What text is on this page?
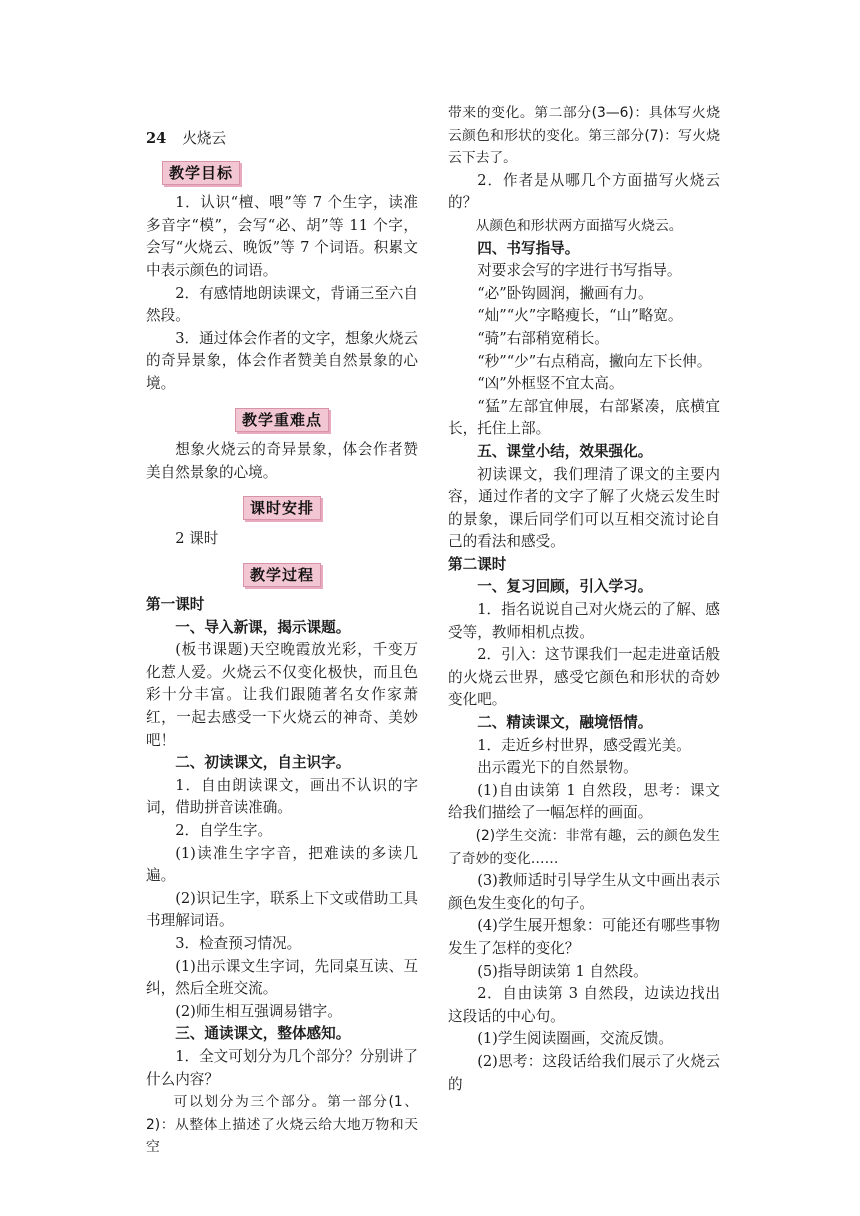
24 火烧云

教学目标

1．认识“檀、喂”等 7 个生字，读准多音字“模”，会写“必、胡”等 11 个字，会写“火烧云、晚饭”等 7 个词语。积累文中表示颜色的词语。

2．有感情地朗读课文，背诵三至六自然段。

3．通过体会作者的文字，想象火烧云的奇异景象，体会作者赞美自然景象的心境。

教学重难点

想象火烧云的奇异景象，体会作者赞美自然景象的心境。

课时安排

2 课时

教学过程

第一课时

一、导入新课，揭示课题。

(板书课题)天空晚霞放光彩，千变万化惹人爱。火烧云不仅变化极快，而且色彩十分丰富。让我们跟随著名女作家萧红，一起去感受一下火烧云的神奇、美妙吧！

二、初读课文，自主识字。

1．自由朗读课文，画出不认识的字词，借助拼音读准确。

2．自学生字。

(1)读准生字字音，把难读的多读几遍。

(2)识记生字，联系上下文或借助工具书理解词语。

3．检查预习情况。

(1)出示课文生字词，先同桌互读、互纠，然后全班交流。

(2)师生相互强调易错字。

三、通读课文，整体感知。

1．全文可划分为几个部分？分别讲了什么内容？

可以划分为三个部分。第一部分(1、2)：从整体上描述了火烧云给大地万物和天空

带来的变化。第二部分(3—6)：具体写火烧云颜色和形状的变化。第三部分(7)：写火烧云下去了。

2．作者是从哪几个方面描写火烧云的？

从颜色和形状两方面描写火烧云。

四、书写指导。

对要求会写的字进行书写指导。

“必”卧钩圆润，撇画有力。

“灿”“火”字略瘦长，“山”略宽。

“骑”右部稍宽稍长。

“秒”“少”右点稍高，撇向左下长伸。

“凶”外框竖不宜太高。

“猛”左部宜伸展，右部紧凑，底横宜长，托住上部。

五、课堂小结，效果强化。

初读课文，我们理清了课文的主要内容，通过作者的文字了解了火烧云发生时的景象，课后同学们可以互相交流讨论自己的看法和感受。

第二课时

一、复习回顾，引入学习。

1．指名说说自己对火烧云的了解、感受等，教师相机点拨。

2．引入：这节课我们一起走进童话般的火烧云世界，感受它颜色和形状的奇妙变化吧。

二、精读课文，融境悟情。

1．走近乡村世界，感受霞光美。

出示霞光下的自然景物。

(1)自由读第 1 自然段，思考：课文给我们描绘了一幅怎样的画面。

(2)学生交流：非常有趣，云的颜色发生了奇妙的变化……

(3)教师适时引导学生从文中画出表示颜色发生变化的句子。

(4)学生展开想象：可能还有哪些事物发生了怎样的变化？

(5)指导朗读第 1 自然段。

2．自由读第 3 自然段，边读边找出这段话的中心句。

(1)学生阅读圈画，交流反馈。

(2)思考：这段话给我们展示了火烧云的
